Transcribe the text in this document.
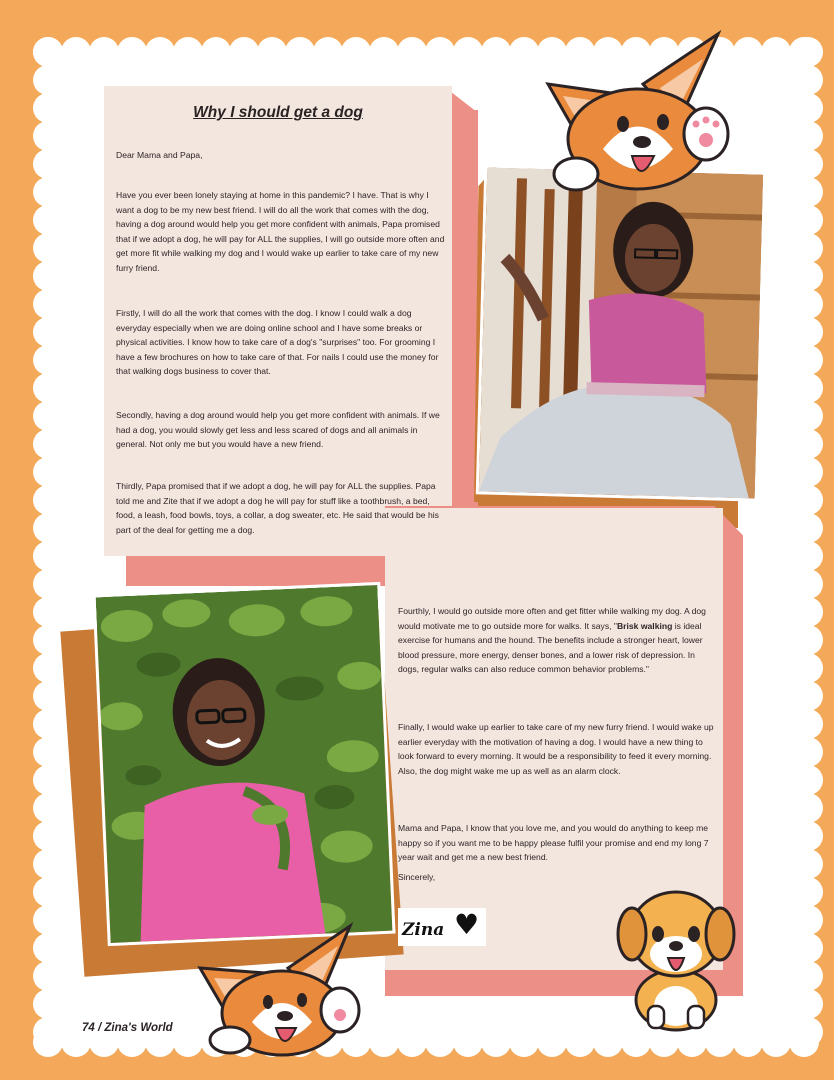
Why I should get a dog

Dear Mama and Papa,

Have you ever been lonely staying at home in this pandemic? I have. That is why I want a dog to be my new best friend. I will do all the work that comes with the dog, having a dog around would help you get more confident with animals, Papa promised that if we adopt a dog, he will pay for ALL the supplies, I will go outside more often and get more fit while walking my dog and I would wake up earlier to take care of my new furry friend.

Firstly, I will do all the work that comes with the dog. I know I could walk a dog everyday especially when we are doing online school and I have some breaks or physical activities. I know how to take care of a dog's "surprises" too. For grooming I have a few brochures on how to take care of that. For nails I could use the money for that walking dogs business to cover that.

Secondly, having a dog around would help you get more confident with animals. If we had a dog, you would slowly get less and less scared of dogs and all animals in general. Not only me but you would have a new friend.

Thirdly, Papa promised that if we adopt a dog, he will pay for ALL the supplies. Papa told me and Zite that if we adopt a dog he will pay for stuff like a toothbrush, a bed, food, a leash, food bowls, toys, a collar, a dog sweater, etc. He said that would be his part of the deal for getting me a dog.

Fourthly, I would go outside more often and get fitter while walking my dog. A dog would motivate me to go outside more for walks. It says, "Brisk walking is ideal exercise for humans and the hound. The benefits include a stronger heart, lower blood pressure, more energy, denser bones, and a lower risk of depression. In dogs, regular walks can also reduce common behavior problems."

Finally, I would wake up earlier to take care of my new furry friend. I would wake up earlier everyday with the motivation of having a dog. I would have a new thing to look forward to every morning. It would be a responsibility to feed it every morning. Also, the dog might wake me up as well as an alarm clock.

Mama and Papa, I know that you love me, and you would do anything to keep me happy so if you want me to be happy please fulfil your promise and end my long 7 year wait and get me a new best friend.

Sincerely,

Zina ♥
74 / Zina's World
